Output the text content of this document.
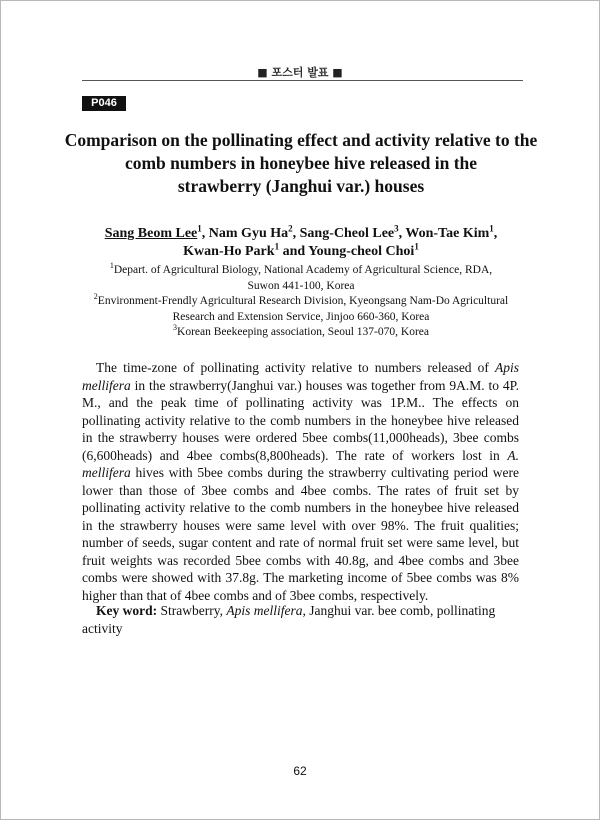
■ 포스터 발표 ■
P046
Comparison on the pollinating effect and activity relative to the
comb numbers in honeybee hive released in the
strawberry (Janghui var.) houses
Sang Beom Lee$^1$, Nam Gyu Ha$^2$, Sang-Cheol Lee$^3$, Won-Tae Kim$^1$,
Kwan-Ho Park$^1$ and Young-cheol Choi$^1$
$^1$Depart. of Agricultural Biology, National Academy of Agricultural Science, RDA,
Suwon 441-100, Korea
$^2$Environment-Frendly Agricultural Research Division, Kyeongsang Nam-Do Agricultural
Research and Extension Service, Jinjoo 660-360, Korea
$^3$Korean Beekeeping association, Seoul 137-070, Korea
The time-zone of pollinating activity relative to numbers released of Apis mellifera in the strawberry(Janghui var.) houses was together from 9A.M. to 4P. M., and the peak time of pollinating activity was 1P.M.. The effects on pollinating activity relative to the comb numbers in the honeybee hive released in the strawberry houses were ordered 5bee combs(11,000heads), 3bee combs (6,600heads) and 4bee combs(8,800heads). The rate of workers lost in A. mellifera hives with 5bee combs during the strawberry cultivating period were lower than those of 3bee combs and 4bee combs. The rates of fruit set by pollinating activity relative to the comb numbers in the honeybee hive released in the strawberry houses were same level with over 98%. The fruit qualities; number of seeds, sugar content and rate of normal fruit set were same level, but fruit weights was recorded 5bee combs with 40.8g, and 4bee combs and 3bee combs were showed with 37.8g. The marketing income of 5bee combs was 8% higher than that of 4bee combs and of 3bee combs, respectively.
Key word: Strawberry, Apis mellifera, Janghui var. bee comb, pollinating activity
62
